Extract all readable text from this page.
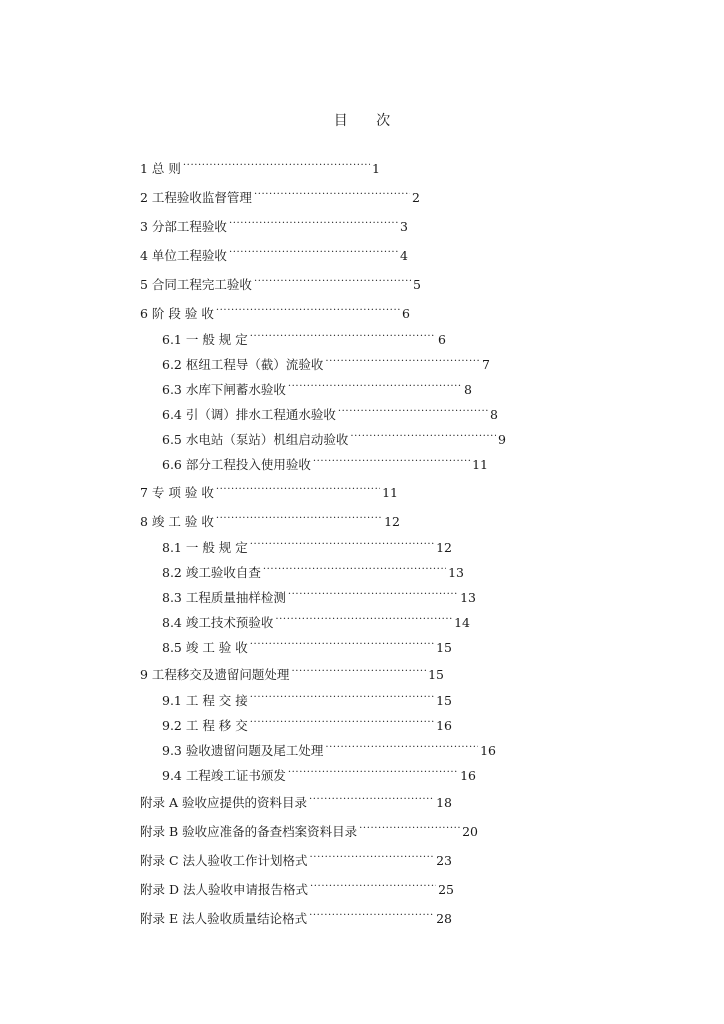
目 次
1 总 则 .....	1
2 工程验收监督管理 .....	2
3 分部工程验收 .....	3
4 单位工程验收 .....	4
5 合同工程完工验收 .....	5
6 阶 段 验 收 .....	6
6.1 一 般 规 定 .....	6
6.2 枢纽工程导（截）流验收 .....	7
6.3 水库下闸蓄水验收 .....	8
6.4 引（调）排水工程通水验收 .....	8
6.5 水电站（泵站）机组启动验收 .....	9
6.6 部分工程投入使用验收 .....	11
7 专 项 验 收 .....	11
8 竣 工 验 收 .....	12
8.1 一 般 规 定 .....	12
8.2 竣工验收自查 .....	13
8.3 工程质量抽样检测 .....	13
8.4 竣工技术预验收 .....	14
8.5 竣 工 验 收 .....	15
9 工程移交及遗留问题处理 .....	15
9.1 工 程 交 接 .....	15
9.2 工 程 移 交 .....	16
9.3 验收遗留问题及尾工处理 .....	16
9.4 工程竣工证书颁发 .....	16
附录 A 验收应提供的资料目录 .....	18
附录 B 验收应准备的备查档案资料目录 .....	20
附录 C 法人验收工作计划格式 .....	23
附录 D 法人验收申请报告格式 .....	25
附录 E 法人验收质量结论格式 .....	28
